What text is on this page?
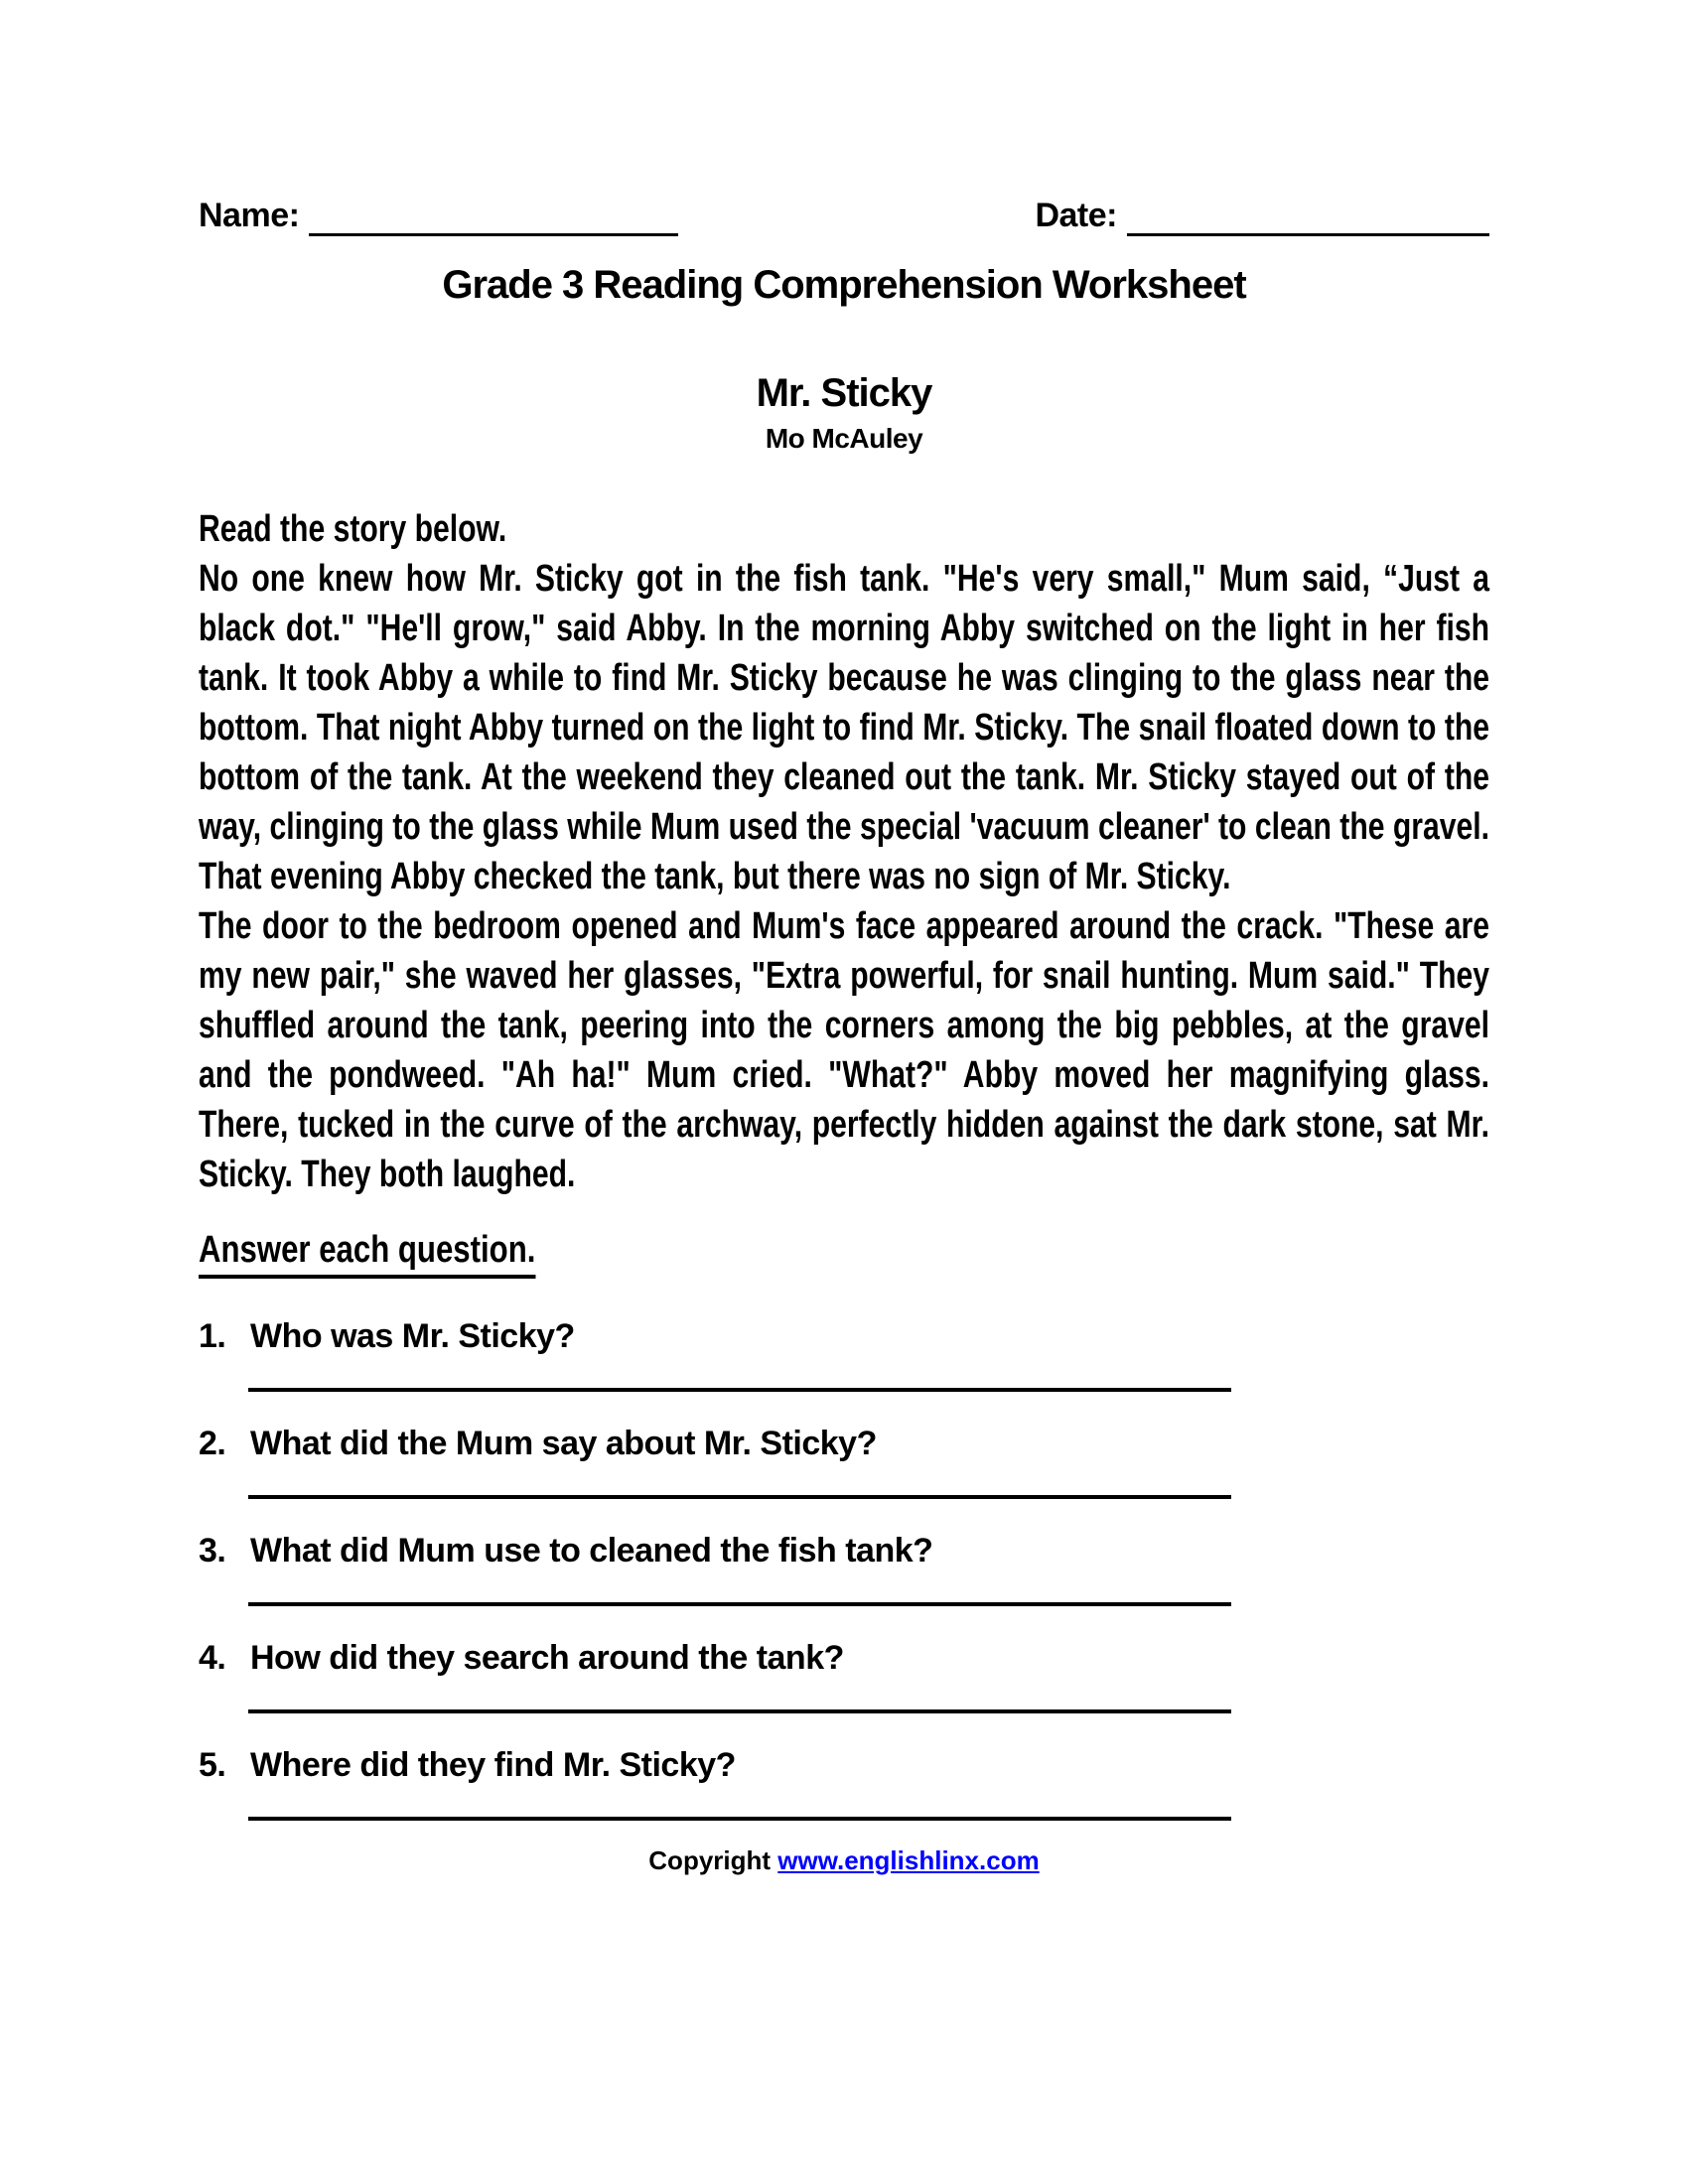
Name:	Date:
Grade 3 Reading Comprehension Worksheet
Mr. Sticky
Mo McAuley

Read the story below.

No one knew how Mr. Sticky got in the fish tank. "He's very small," Mum said, “Just a black dot." "He'll grow," said Abby. In the morning Abby switched on the light in her fish tank. It took Abby a while to find Mr. Sticky because he was clinging to the glass near the bottom. That night Abby turned on the light to find Mr. Sticky. The snail floated down to the bottom of the tank. At the weekend they cleaned out the tank. Mr. Sticky stayed out of the way, clinging to the glass while Mum used the special 'vacuum cleaner' to clean the gravel. That evening Abby checked the tank, but there was no sign of Mr. Sticky.

The door to the bedroom opened and Mum's face appeared around the crack. "These are my new pair," she waved her glasses, "Extra powerful, for snail hunting. Mum said." They shuffled around the tank, peering into the corners among the big pebbles, at the gravel and the pondweed. "Ah ha!" Mum cried. "What?" Abby moved her magnifying glass. There, tucked in the curve of the archway, perfectly hidden against the dark stone, sat Mr. Sticky. They both laughed.

Answer each question.
1. Who was Mr. Sticky?
2. What did the Mum say about Mr. Sticky?
3. What did Mum use to cleaned the fish tank?
4. How did they search around the tank?
5. Where did they find Mr. Sticky?
Copyright www.englishlinx.com
